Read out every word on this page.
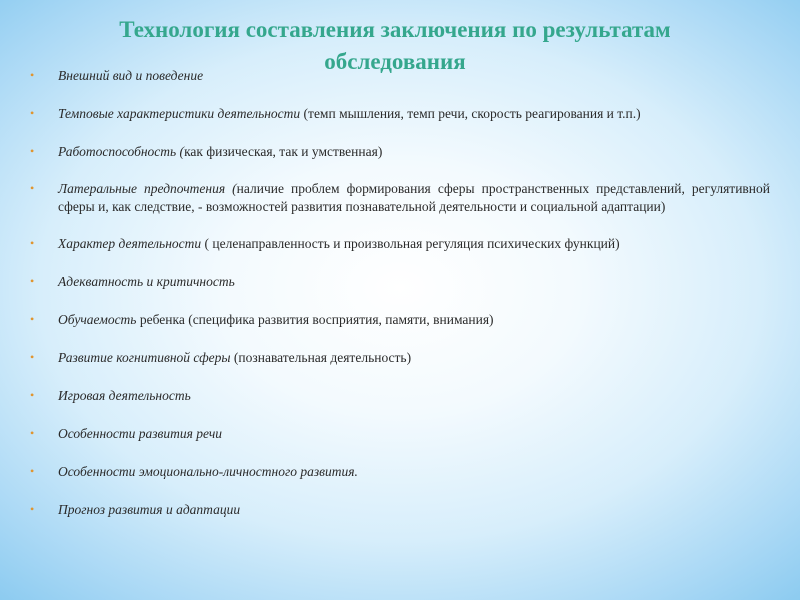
Технология составления заключения по результатам обследования
• Внешний вид и поведение
• Темповые характеристики деятельности (темп мышления, темп речи, скорость реагирования и т.п.)
• Работоспособность (как физическая, так и умственная)
• Латеральные предпочтения (наличие проблем формирования сферы пространственных представлений, регулятивной сферы и, как следствие, - возможностей развития познавательной деятельности и социальной адаптации)
• Характер деятельности ( целенаправленность и произвольная регуляция психических функций)
• Адекватность и критичность
• Обучаемость ребенка (специфика развития восприятия, памяти, внимания)
• Развитие когнитивной сферы (познавательная деятельность)
• Игровая деятельность
• Особенности развития речи
• Особенности эмоционально-личностного развития.
• Прогноз развития и адаптации
